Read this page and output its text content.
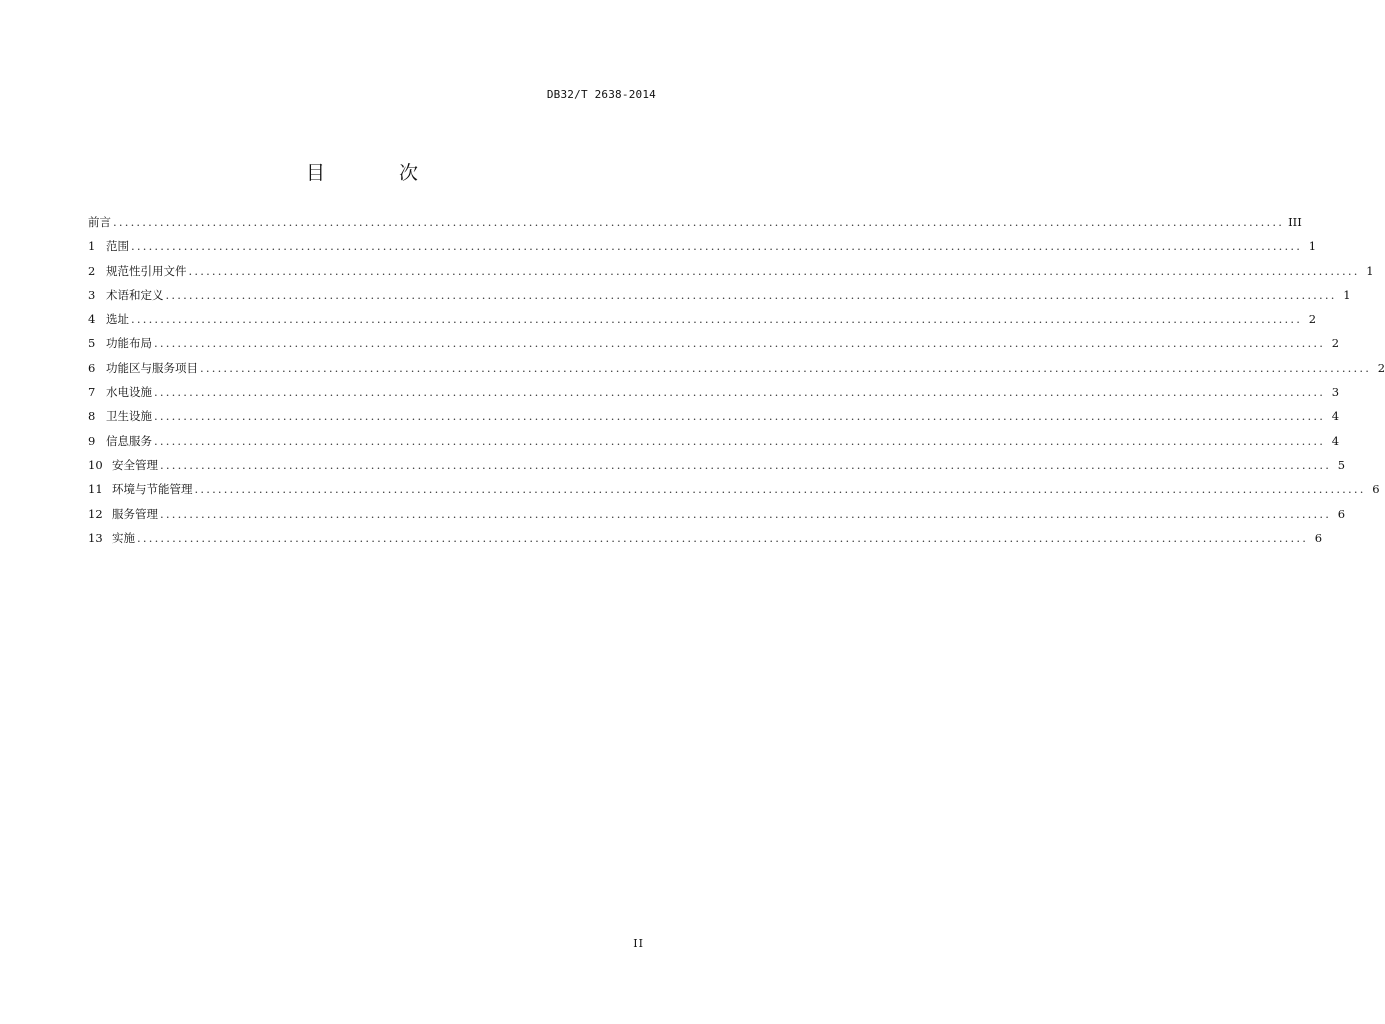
DB32/T 2638-2014
目 次
前言 ........................................................................................................................................................................................................ III
1 范围 ........................................................................................................................................................................................................ 1
2 规范性引用文件 ........................................................................................................................................................................................................ 1
3 术语和定义 ........................................................................................................................................................................................................ 1
4 选址 ........................................................................................................................................................................................................ 2
5 功能布局 ........................................................................................................................................................................................................ 2
6 功能区与服务项目 ........................................................................................................................................................................................................ 2
7 水电设施 ........................................................................................................................................................................................................ 3
8 卫生设施 ........................................................................................................................................................................................................ 4
9 信息服务 ........................................................................................................................................................................................................ 4
10 安全管理 ........................................................................................................................................................................................................ 5
11 环境与节能管理 ........................................................................................................................................................................................................ 6
12 服务管理 ........................................................................................................................................................................................................ 6
13 实施 ........................................................................................................................................................................................................ 6
II
